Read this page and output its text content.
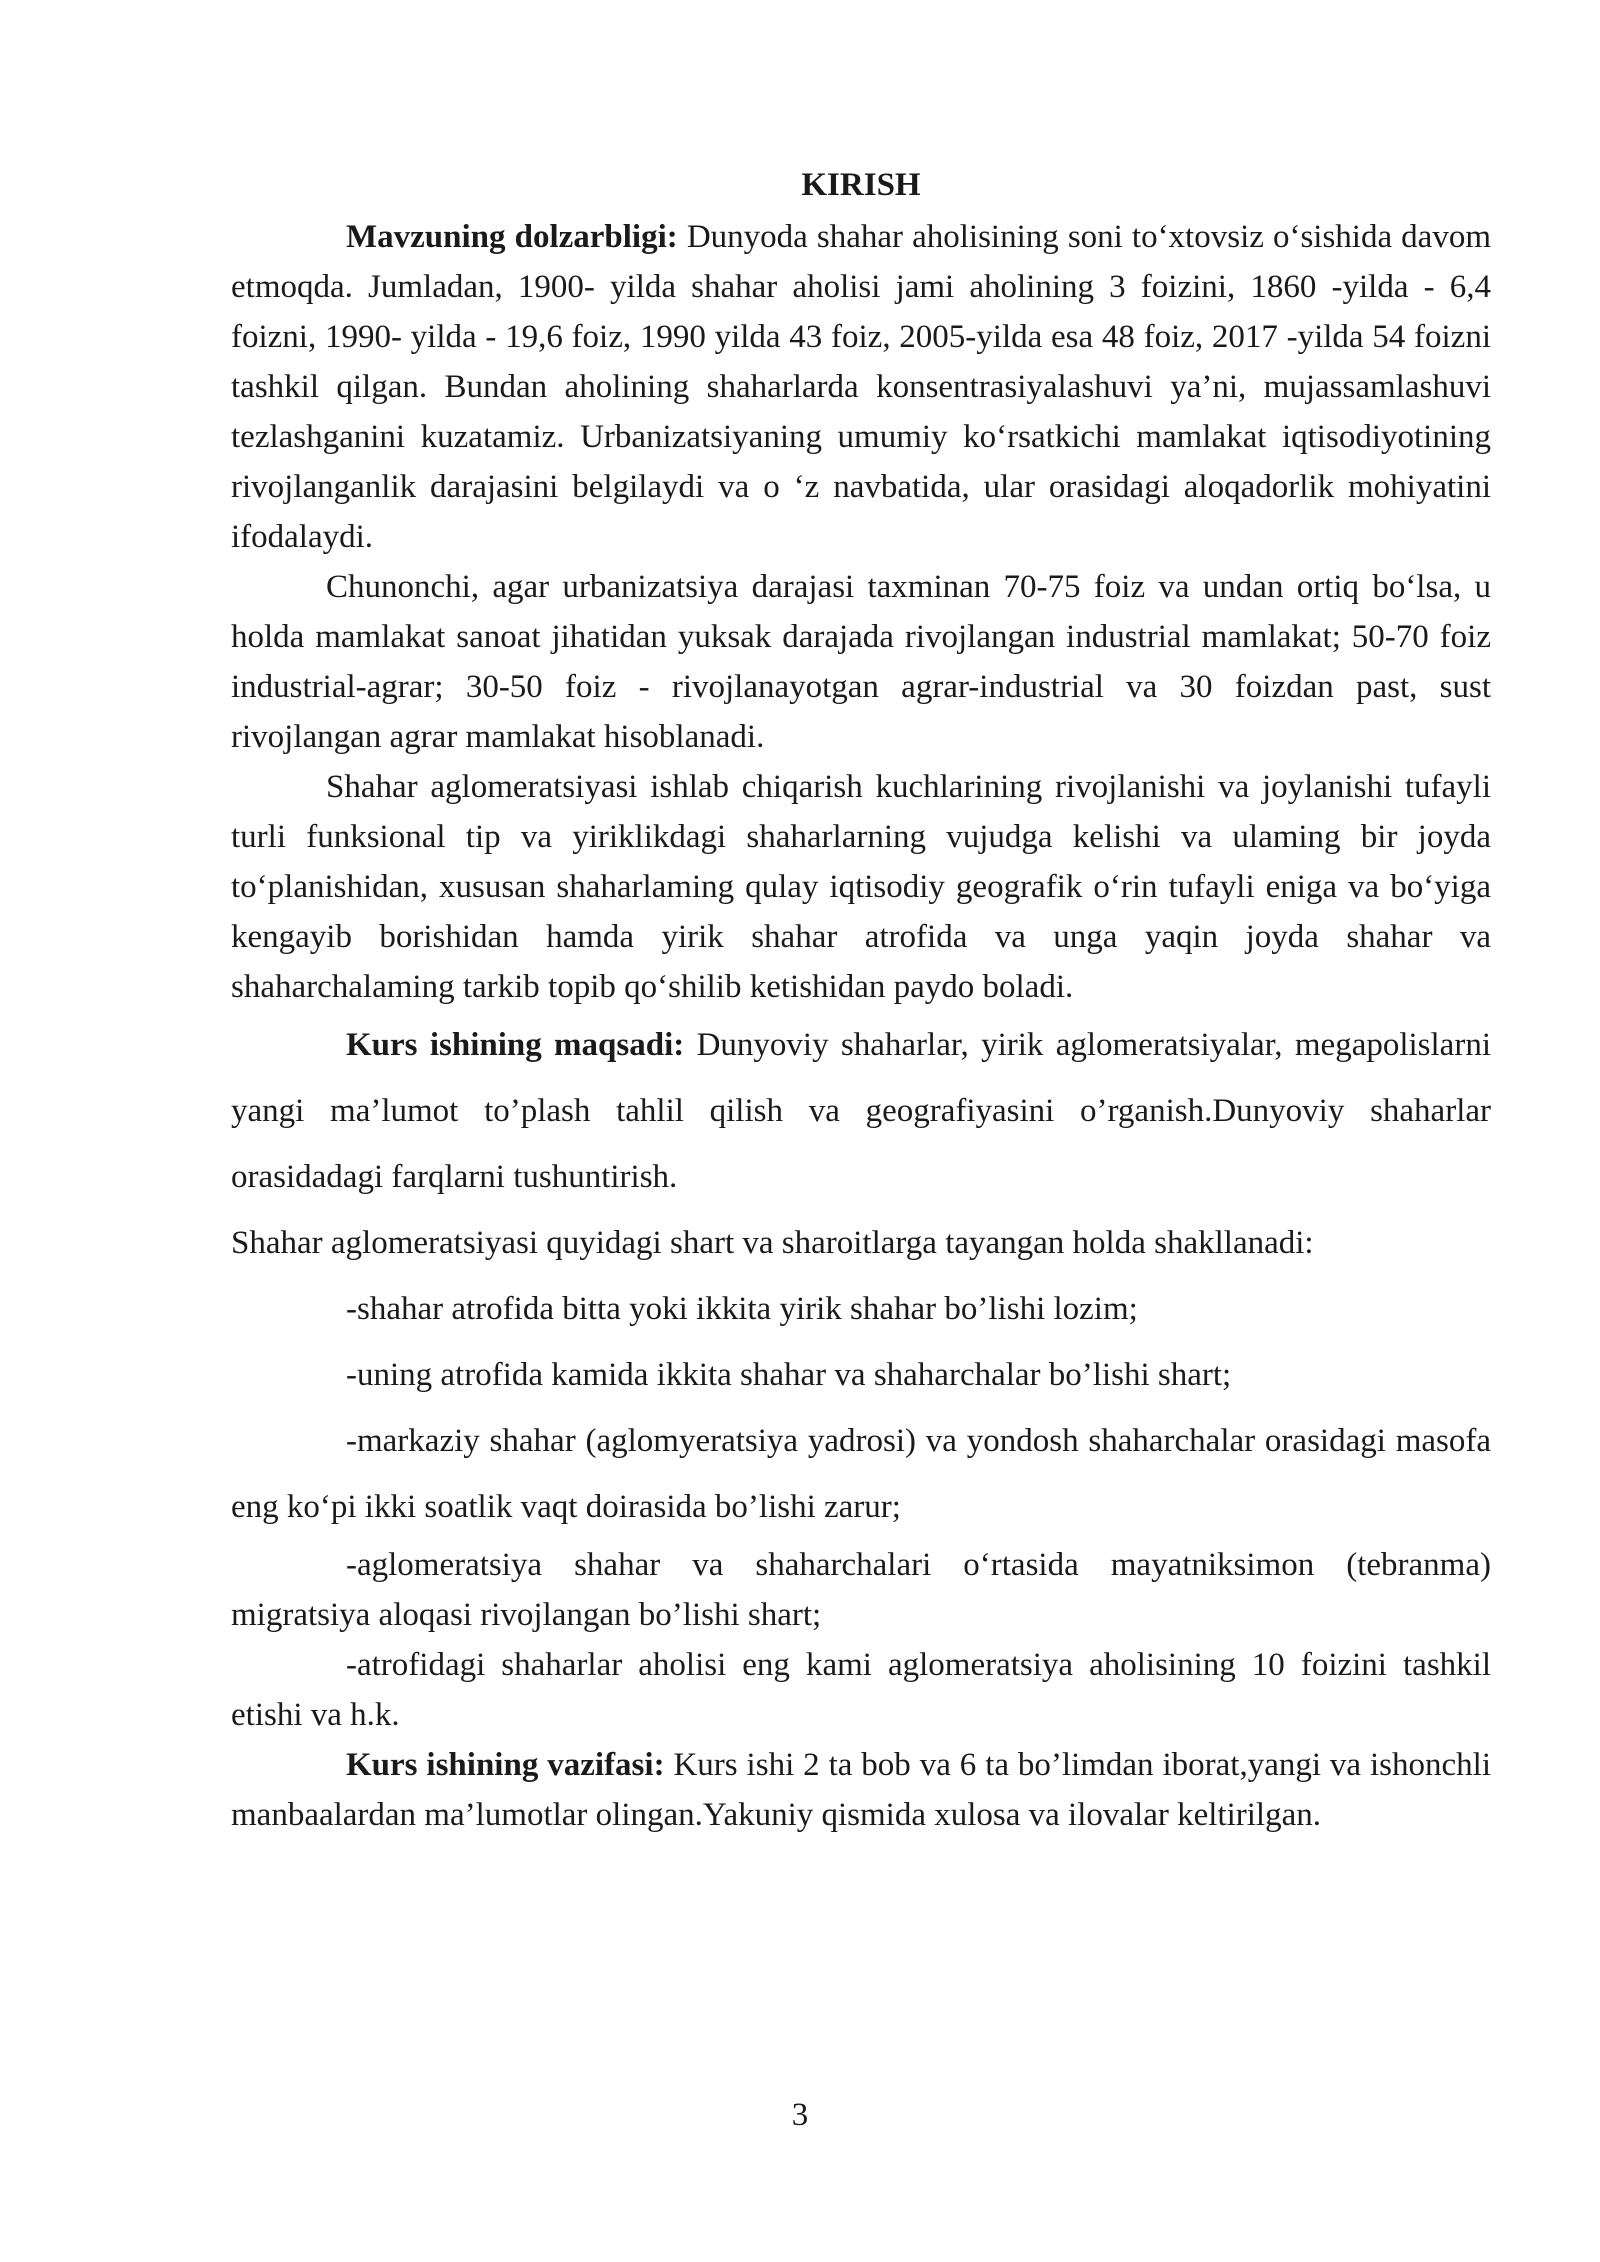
KIRISH

Mavzuning dolzarbligi: Dunyoda shahar aholisining soni to‘xtovsiz o‘sishida davom etmoqda. Jumladan, 1900- yilda shahar aholisi jami aholining 3 foizini, 1860 -yilda - 6,4 foizni, 1990- yilda - 19,6 foiz, 1990 yilda 43 foiz, 2005-yilda esa 48 foiz, 2017 -yilda 54 foizni tashkil qilgan. Bundan aholining shaharlarda konsentrasiyalashuvi ya’ni, mujassamlashuvi tezlashganini kuzatamiz. Urbanizatsiyaning umumiy ko‘rsatkichi mamlakat iqtisodiyotining rivojlanganlik darajasini belgilaydi va o ‘z navbatida, ular orasidagi aloqadorlik mohiyatini ifodalaydi.

Chunonchi, agar urbanizatsiya darajasi taxminan 70-75 foiz va undan ortiq bo‘lsa, u holda mamlakat sanoat jihatidan yuksak darajada rivojlangan industrial mamlakat; 50-70 foiz industrial-agrar; 30-50 foiz - rivojlanayotgan agrar-industrial va 30 foizdan past, sust rivojlangan agrar mamlakat hisoblanadi.

Shahar aglomeratsiyasi ishlab chiqarish kuchlarining rivojlanishi va joylanishi tufayli turli funksional tip va yiriklikdagi shaharlarning vujudga kelishi va ulaming bir joyda to‘planishidan, xususan shaharlaming qulay iqtisodiy geografik o‘rin tufayli eniga va bo‘yiga kengayib borishidan hamda yirik shahar atrofida va unga yaqin joyda shahar va shaharchalaming tarkib topib qo‘shilib ketishidan paydo boladi.

Kurs ishining maqsadi: Dunyoviy shaharlar, yirik aglomeratsiyalar, megapolislarni yangi ma’lumot to’plash tahlil qilish va geografiyasini o’rganish.Dunyoviy shaharlar orasidadagi farqlarni tushuntirish.

Shahar aglomeratsiyasi quyidagi shart va sharoitlarga tayangan holda shakllanadi:

-shahar atrofida bitta yoki ikkita yirik shahar bo’lishi lozim;

-uning atrofida kamida ikkita shahar va shaharchalar bo’lishi shart;

-markaziy shahar (aglomyeratsiya yadrosi) va yondosh shaharchalar orasidagi masofa eng ko‘pi ikki soatlik vaqt doirasida bo’lishi zarur;

-aglomeratsiya shahar va shaharchalari o‘rtasida mayatniksimon (tebranma) migratsiya aloqasi rivojlangan bo’lishi shart;

-atrofidagi shaharlar aholisi eng kami aglomeratsiya aholisining 10 foizini tashkil etishi va h.k.

Kurs ishining vazifasi: Kurs ishi 2 ta bob va 6 ta bo’limdan iborat,yangi va ishonchli manbaalardan ma’lumotlar olingan.Yakuniy qismida xulosa va ilovalar keltirilgan.

3
